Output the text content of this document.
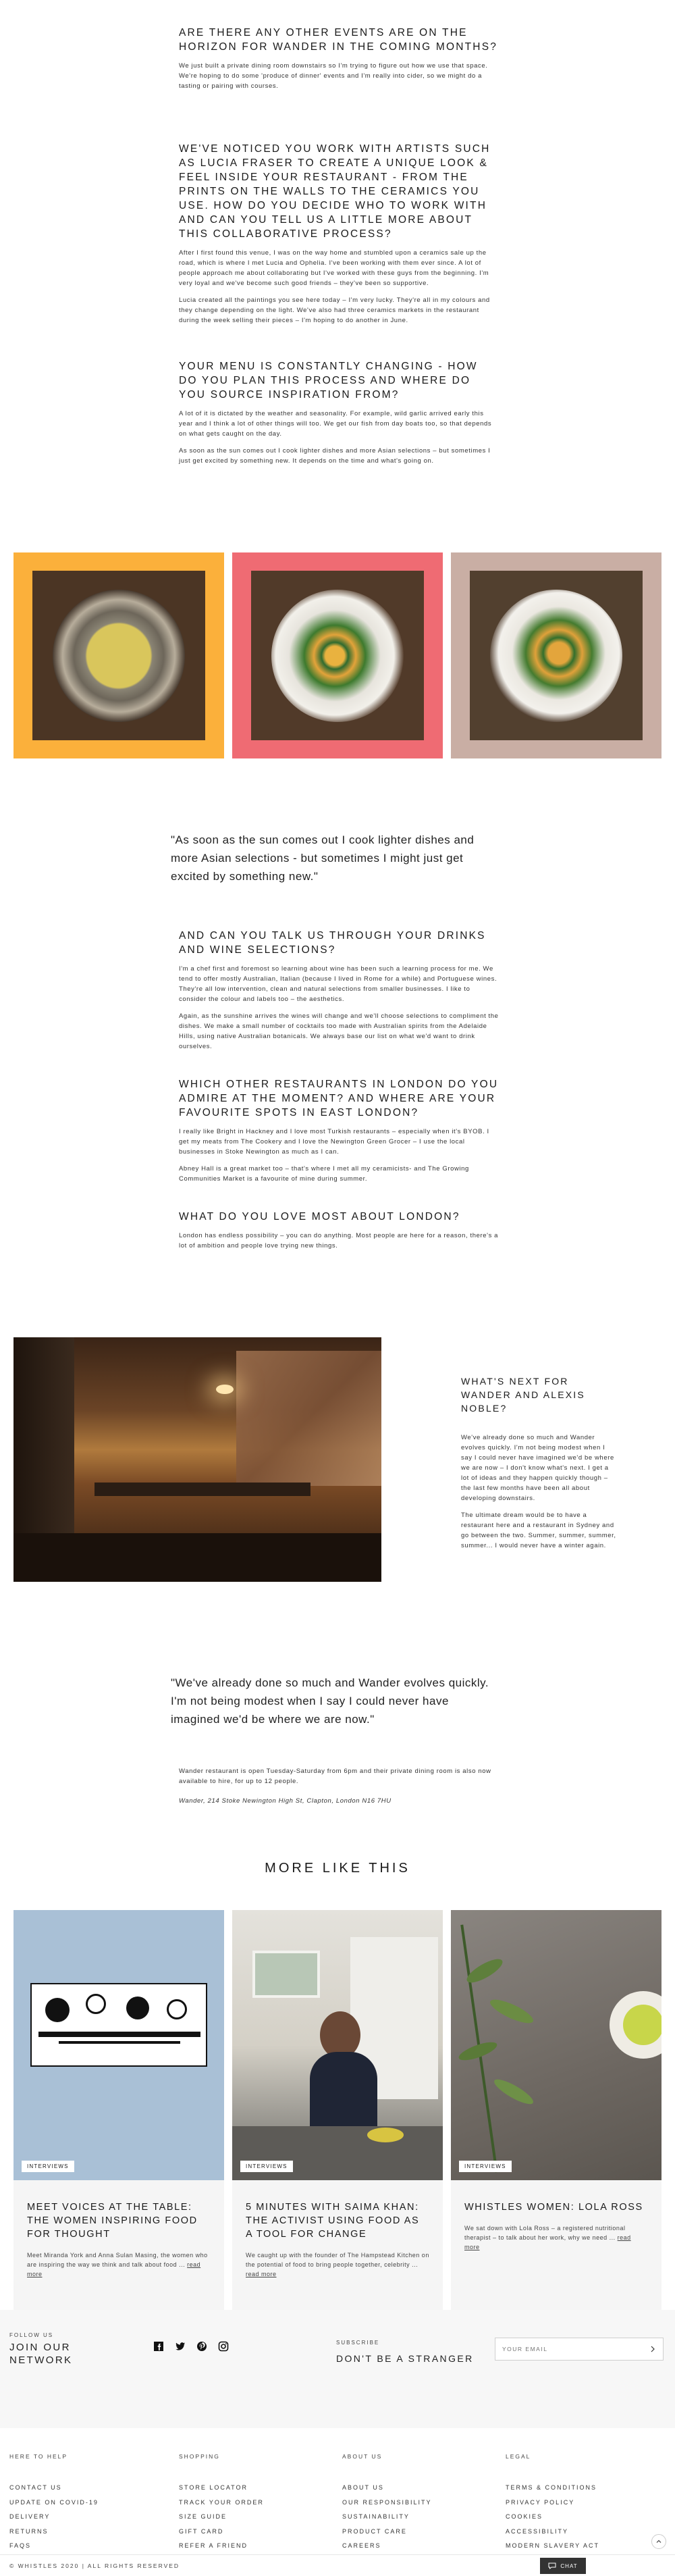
ARE THERE ANY OTHER EVENTS ARE ON THE HORIZON FOR WANDER IN THE COMING MONTHS?

We just built a private dining room downstairs so I'm trying to figure out how we use that space. We're hoping to do some 'produce of dinner' events and I'm really into cider, so we might do a tasting or pairing with courses.

WE'VE NOTICED YOU WORK WITH ARTISTS SUCH AS LUCIA FRASER TO CREATE A UNIQUE LOOK & FEEL INSIDE YOUR RESTAURANT - FROM THE PRINTS ON THE WALLS TO THE CERAMICS YOU USE. HOW DO YOU DECIDE WHO TO WORK WITH AND CAN YOU TELL US A LITTLE MORE ABOUT THIS COLLABORATIVE PROCESS?

After I first found this venue, I was on the way home and stumbled upon a ceramics sale up the road, which is where I met Lucia and Ophelia. I've been working with them ever since. A lot of people approach me about collaborating but I've worked with these guys from the beginning. I'm very loyal and we've become such good friends – they've been so supportive.

Lucia created all the paintings you see here today – I'm very lucky. They're all in my colours and they change depending on the light. We've also had three ceramics markets in the restaurant during the week selling their pieces – I'm hoping to do another in June.

YOUR MENU IS CONSTANTLY CHANGING - HOW DO YOU PLAN THIS PROCESS AND WHERE DO YOU SOURCE INSPIRATION FROM?

A lot of it is dictated by the weather and seasonality. For example, wild garlic arrived early this year and I think a lot of other things will too. We get our fish from day boats too, so that depends on what gets caught on the day.

As soon as the sun comes out I cook lighter dishes and more Asian selections – but sometimes I just get excited by something new. It depends on the time and what's going on.

"As soon as the sun comes out I cook lighter dishes and more Asian selections - but sometimes I might just get excited by something new."

AND CAN YOU TALK US THROUGH YOUR DRINKS AND WINE SELECTIONS?

I'm a chef first and foremost so learning about wine has been such a learning process for me. We tend to offer mostly Australian, Italian (because I lived in Rome for a while) and Portuguese wines. They're all low intervention, clean and natural selections from smaller businesses. I like to consider the colour and labels too – the aesthetics.

Again, as the sunshine arrives the wines will change and we'll choose selections to compliment the dishes. We make a small number of cocktails too made with Australian spirits from the Adelaide Hills, using native Australian botanicals. We always base our list on what we'd want to drink ourselves.

WHICH OTHER RESTAURANTS IN LONDON DO YOU ADMIRE AT THE MOMENT? AND WHERE ARE YOUR FAVOURITE SPOTS IN EAST LONDON?

I really like Bright in Hackney and I love most Turkish restaurants – especially when it's BYOB. I get my meats from The Cookery and I love the Newington Green Grocer – I use the local businesses in Stoke Newington as much as I can.

Abney Hall is a great market too – that's where I met all my ceramicists- and The Growing Communities Market is a favourite of mine during summer.

WHAT DO YOU LOVE MOST ABOUT LONDON?

London has endless possibility – you can do anything. Most people are here for a reason, there's a lot of ambition and people love trying new things.

WHAT'S NEXT FOR WANDER AND ALEXIS NOBLE?

We've already done so much and Wander evolves quickly. I'm not being modest when I say I could never have imagined we'd be where we are now – I don't know what's next. I get a lot of ideas and they happen quickly though – the last few months have been all about developing downstairs.

The ultimate dream would be to have a restaurant here and a restaurant in Sydney and go between the two. Summer, summer, summer, summer... I would never have a winter again.

"We've already done so much and Wander evolves quickly. I'm not being modest when I say I could never have imagined we'd be where we are now."

Wander restaurant is open Tuesday-Saturday from 6pm and their private dining room is also now available to hire, for up to 12 people.

Wander, 214 Stoke Newington High St, Clapton, London N16 7HU

MORE LIKE THIS
INTERVIEWS
MEET VOICES AT THE TABLE: THE WOMEN INSPIRING FOOD FOR THOUGHT

Meet Miranda York and Anna Sulan Masing, the women who are inspiring the way we think and talk about food ... read more

INTERVIEWS
5 MINUTES WITH SAIMA KHAN: THE ACTIVIST USING FOOD AS A TOOL FOR CHANGE

We caught up with the founder of The Hampstead Kitchen on the potential of food to bring people together, celebrity ... read more

INTERVIEWS
WHISTLES WOMEN: LOLA ROSS

We sat down with Lola Ross – a registered nutritional therapist – to talk about her work, why we need ... read more

FOLLOW US
JOIN OUR NETWORK
SUBSCRIBE
DON'T BE A STRANGER
YOUR EMAIL
HERE TO HELP
CONTACT US
UPDATE ON COVID-19
DELIVERY
RETURNS
FAQS
SHOPPING
STORE LOCATOR
TRACK YOUR ORDER
SIZE GUIDE
GIFT CARD
REFER A FRIEND
ABOUT US
ABOUT US
OUR RESPONSIBILITY
SUSTAINABILITY
PRODUCT CARE
CAREERS
LEGAL
TERMS & CONDITIONS
PRIVACY POLICY
COOKIES
ACCESSIBILITY
MODERN SLAVERY ACT
© WHISTLES 2020 | ALL RIGHTS RESERVED	CHAT
